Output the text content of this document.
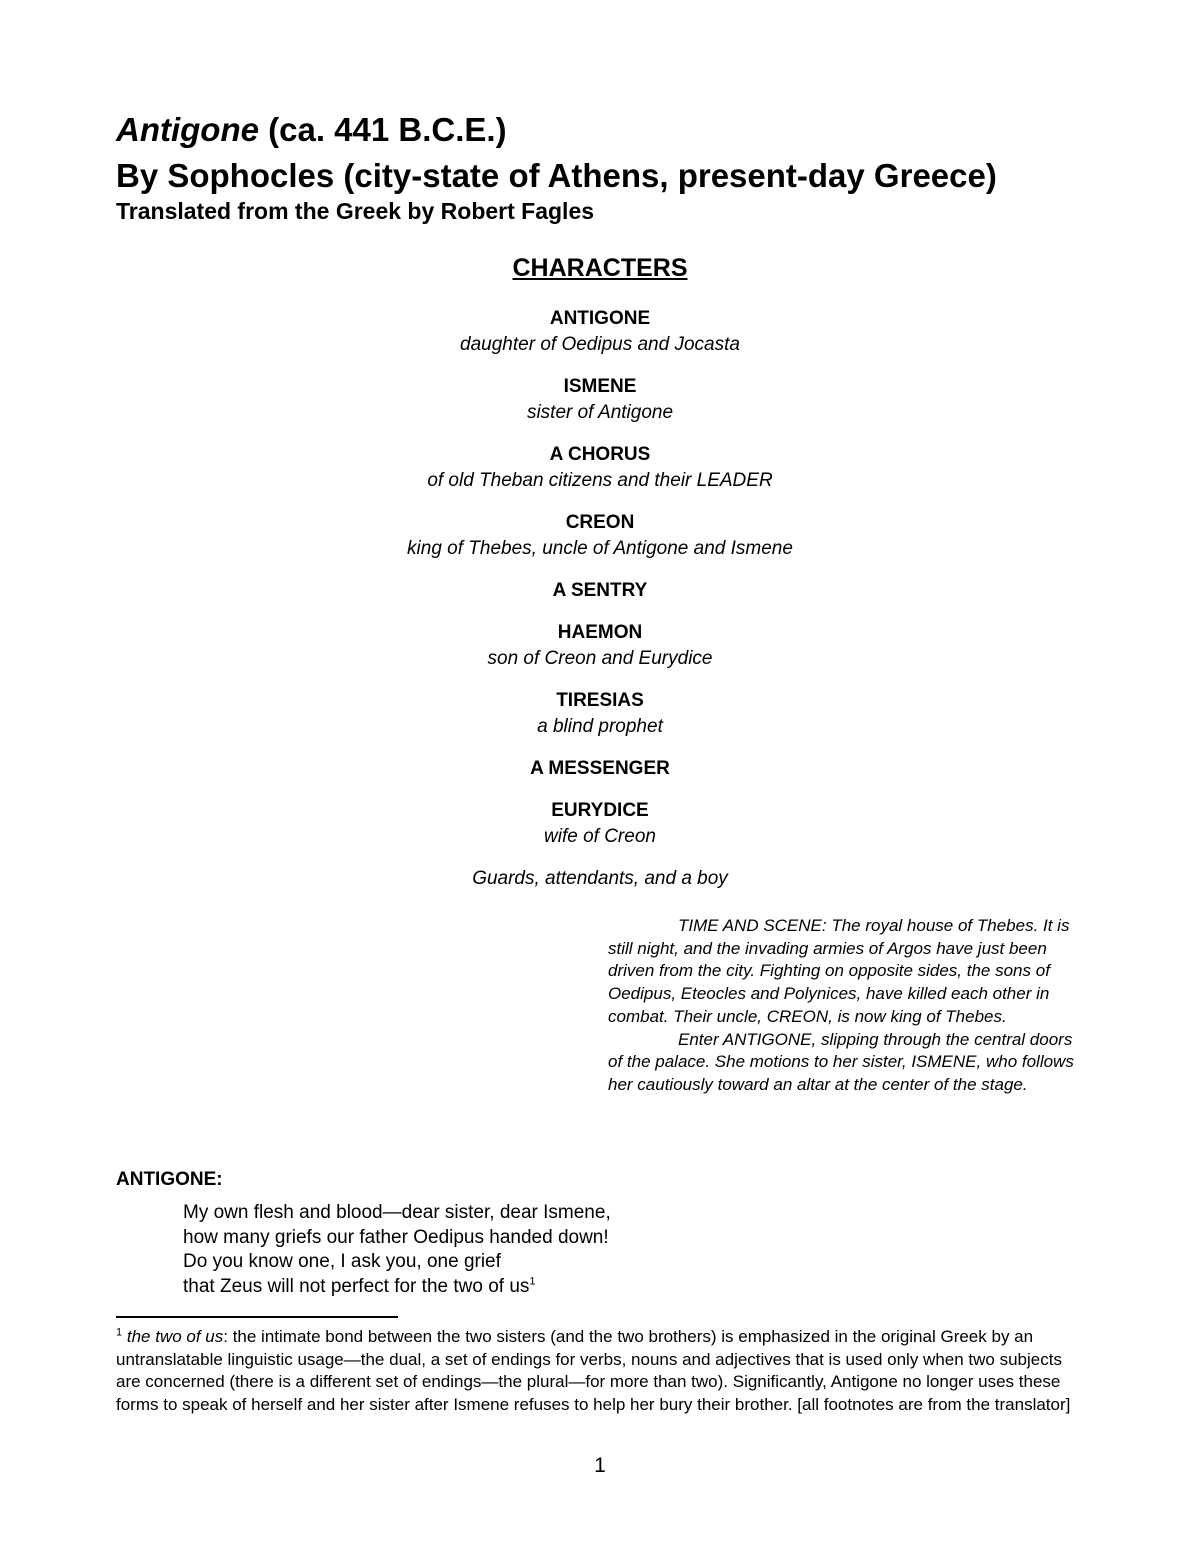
Antigone (ca. 441 B.C.E.)
By Sophocles (city-state of Athens, present-day Greece)
Translated from the Greek by Robert Fagles
CHARACTERS
ANTIGONE
daughter of Oedipus and Jocasta
ISMENE
sister of Antigone
A CHORUS
of old Theban citizens and their LEADER
CREON
king of Thebes, uncle of Antigone and Ismene
A SENTRY
HAEMON
son of Creon and Eurydice
TIRESIAS
a blind prophet
A MESSENGER
EURYDICE
wife of Creon
Guards, attendants, and a boy

TIME AND SCENE: The royal house of Thebes. It is still night, and the invading armies of Argos have just been driven from the city. Fighting on opposite sides, the sons of Oedipus, Eteocles and Polynices, have killed each other in combat. Their uncle, CREON, is now king of Thebes.

Enter ANTIGONE, slipping through the central doors of the palace. She motions to her sister, ISMENE, who follows her cautiously toward an altar at the center of the stage.

ANTIGONE:
My own flesh and blood—dear sister, dear Ismene,
how many griefs our father Oedipus handed down!
Do you know one, I ask you, one grief
that Zeus will not perfect for the two of $us^1$
$^1$ the two of us: the intimate bond between the two sisters (and the two brothers) is emphasized in the original Greek by an untranslatable linguistic usage—the dual, a set of endings for verbs, nouns and adjectives that is used only when two subjects are concerned (there is a different set of endings—the plural—for more than two). Significantly, Antigone no longer uses these forms to speak of herself and her sister after Ismene refuses to help her bury their brother. [all footnotes are from the translator]
1
